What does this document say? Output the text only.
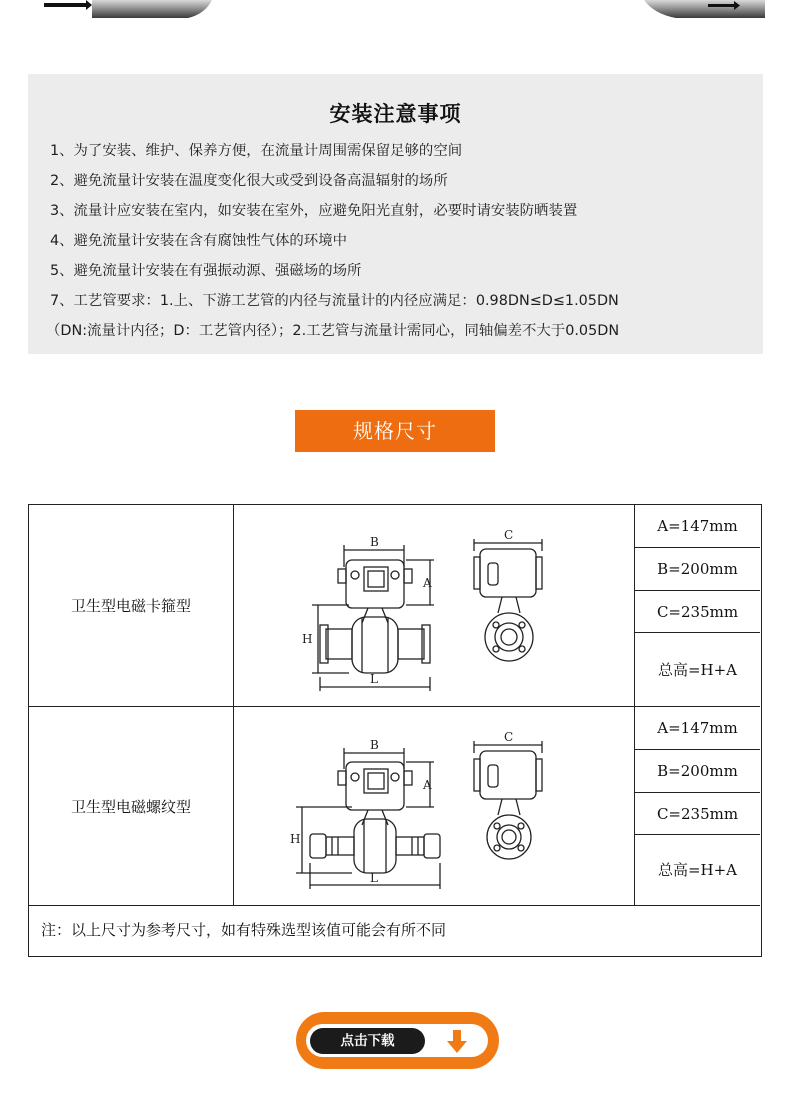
安装注意事项
1、为了安装、维护、保养方便，在流量计周围需保留足够的空间
2、避免流量计安装在温度变化很大或受到设备高温辐射的场所
3、流量计应安装在室内，如安装在室外，应避免阳光直射，必要时请安装防晒装置
4、避免流量计安装在含有腐蚀性气体的环境中
5、避免流量计安装在有强振动源、强磁场的场所
7、工艺管要求：1.上、下游工艺管的内径与流量计的内径应满足：0.98DN≤D≤1.05DN
（DN:流量计内径；D：工艺管内径）；2.工艺管与流量计需同心，同轴偏差不大于0.05DN
规格尺寸
卫生型电磁卡箍型
B
A
H
L
C	A=147mm
B=200mm
C=235mm
总高=H+A
卫生型电磁螺纹型
B
A
H
L
C	A=147mm
B=200mm
C=235mm
总高=H+A
注：以上尺寸为参考尺寸，如有特殊选型该值可能会有所不同
点击下载
